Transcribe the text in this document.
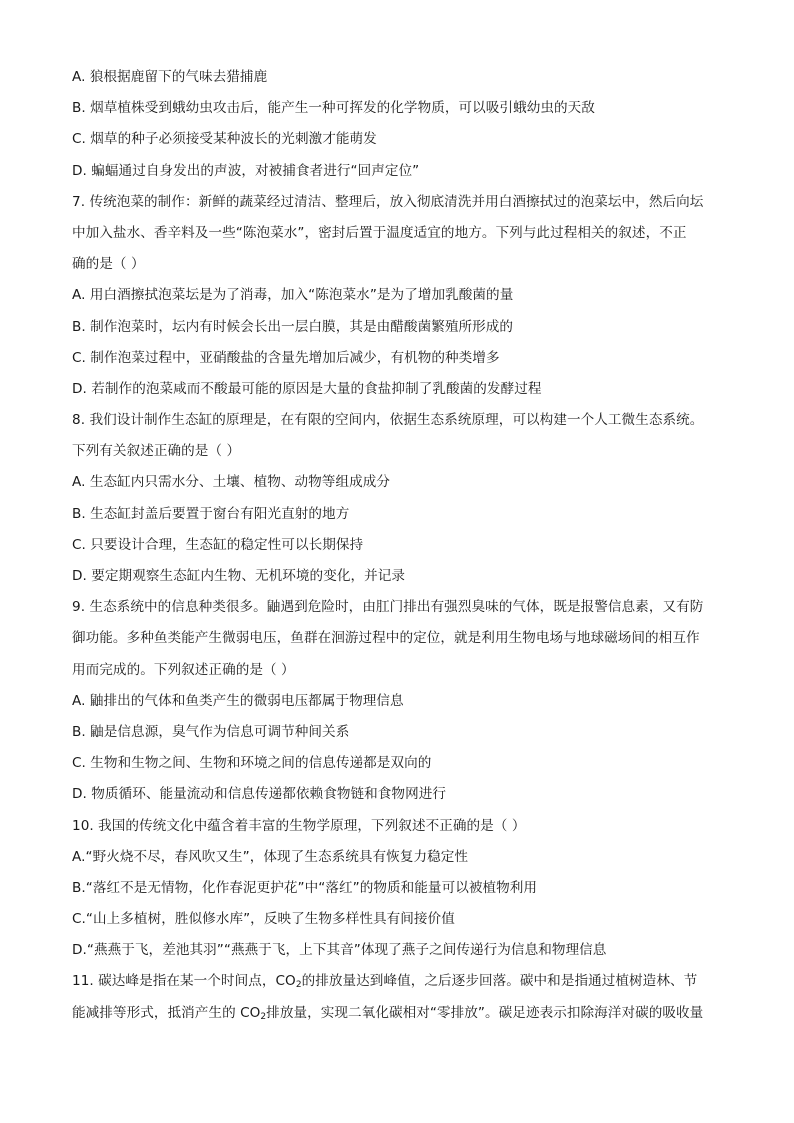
A. 狼根据鹿留下的气味去猎捕鹿
B. 烟草植株受到蛾幼虫攻击后，能产生一种可挥发的化学物质，可以吸引蛾幼虫的天敌
C. 烟草的种子必须接受某种波长的光刺激才能萌发
D. 蝙蝠通过自身发出的声波，对被捕食者进行“回声定位”
7. 传统泡菜的制作：新鲜的蔬菜经过清洁、整理后，放入彻底清洗并用白酒擦拭过的泡菜坛中，然后向坛
中加入盐水、香辛料及一些“陈泡菜水”，密封后置于温度适宜的地方。下列与此过程相关的叙述，不正
确的是（ ）
A. 用白酒擦拭泡菜坛是为了消毒，加入“陈泡菜水”是为了增加乳酸菌的量
B. 制作泡菜时，坛内有时候会长出一层白膜，其是由醋酸菌繁殖所形成的
C. 制作泡菜过程中，亚硝酸盐的含量先增加后减少，有机物的种类增多
D. 若制作的泡菜咸而不酸最可能的原因是大量的食盐抑制了乳酸菌的发酵过程
8. 我们设计制作生态缸的原理是，在有限的空间内，依据生态系统原理，可以构建一个人工微生态系统。
下列有关叙述正确的是（ ）
A. 生态缸内只需水分、土壤、植物、动物等组成成分
B. 生态缸封盖后要置于窗台有阳光直射的地方
C. 只要设计合理，生态缸的稳定性可以长期保持
D. 要定期观察生态缸内生物、无机环境的变化，并记录
9. 生态系统中的信息种类很多。鼬遇到危险时，由肛门排出有强烈臭味的气体，既是报警信息素，又有防
御功能。多种鱼类能产生微弱电压，鱼群在洄游过程中的定位，就是利用生物电场与地球磁场间的相互作
用而完成的。下列叙述正确的是（ ）
A. 鼬排出的气体和鱼类产生的微弱电压都属于物理信息
B. 鼬是信息源，臭气作为信息可调节种间关系
C. 生物和生物之间、生物和环境之间的信息传递都是双向的
D. 物质循环、能量流动和信息传递都依赖食物链和食物网进行
10. 我国的传统文化中蕴含着丰富的生物学原理，下列叙述不正确的是（ ）
A.“野火烧不尽，春风吹又生”，体现了生态系统具有恢复力稳定性
B.“落红不是无情物，化作春泥更护花”中“落红”的物质和能量可以被植物利用
C.“山上多植树，胜似修水库”，反映了生物多样性具有间接价值
D.“燕燕于飞，差池其羽”“燕燕于飞，上下其音”体现了燕子之间传递行为信息和物理信息
11. 碳达峰是指在某一个时间点，$CO_2$的排放量达到峰值，之后逐步回落。碳中和是指通过植树造林、节
能减排等形式，抵消产生的 $CO_2$排放量，实现二氧化碳相对“零排放”。碳足迹表示扣除海洋对碳的吸收量
